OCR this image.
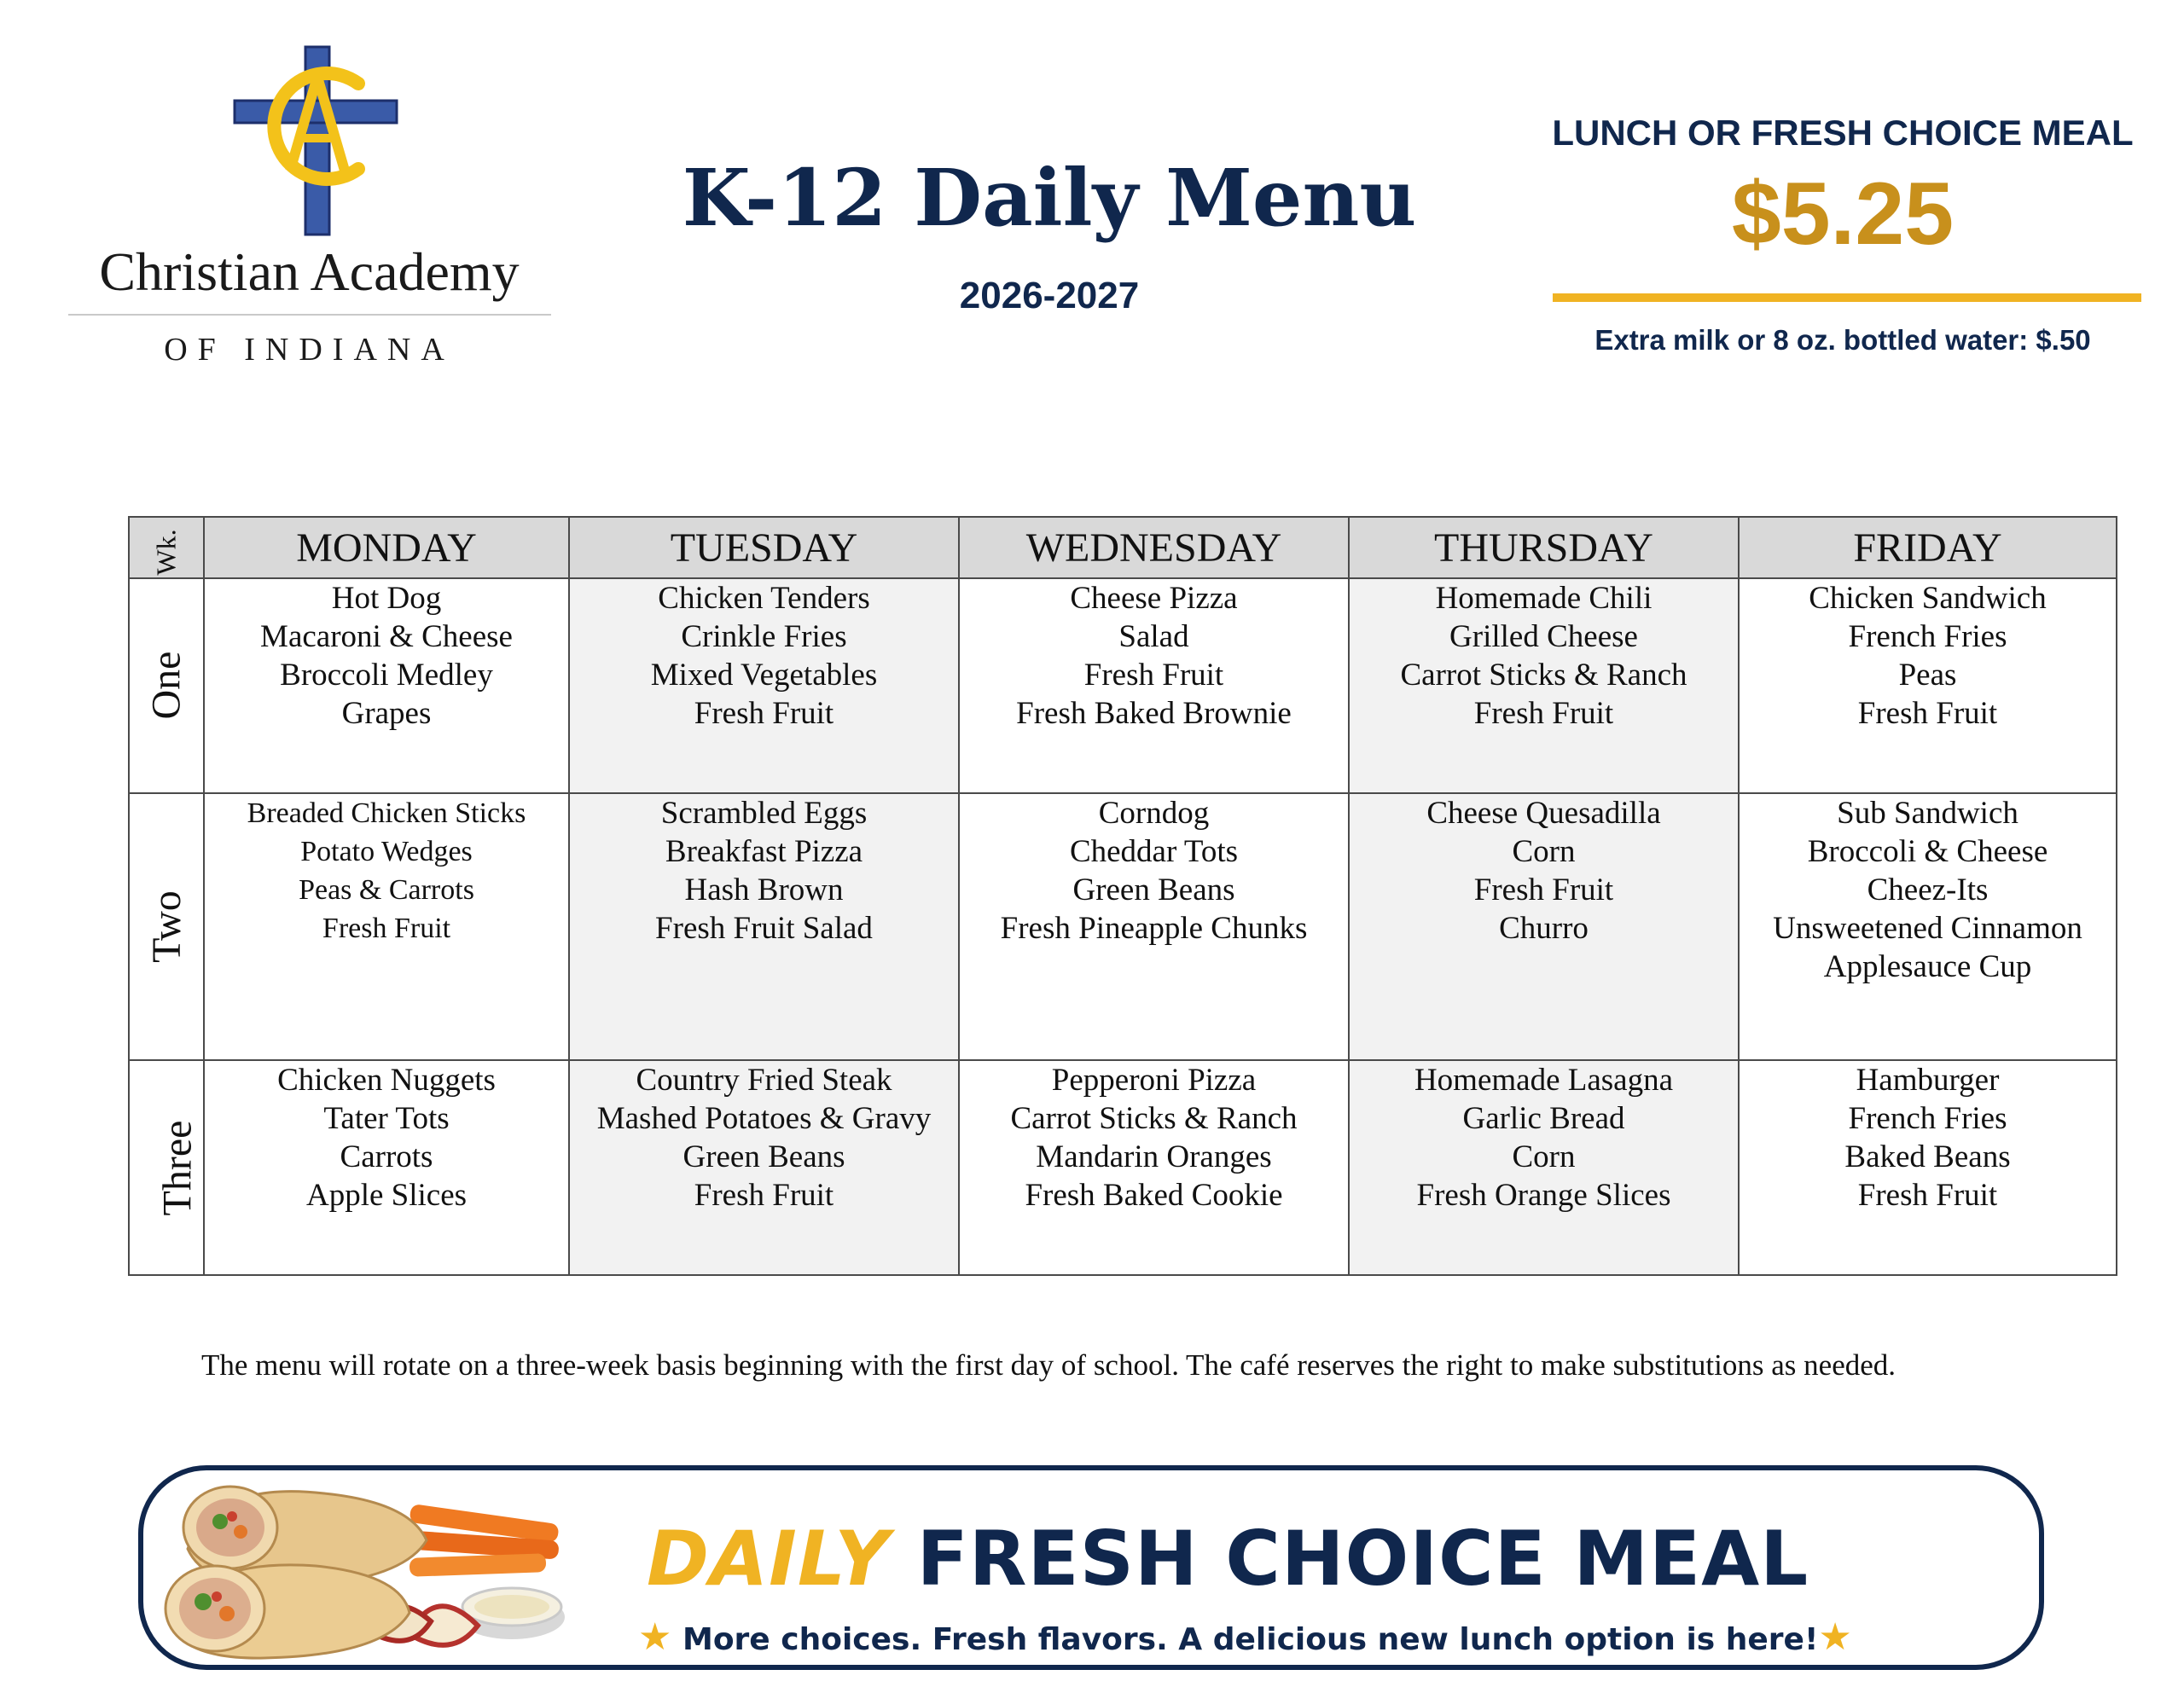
Christian Academy
OF INDIANA
K-12 Daily Menu
2026-2027
LUNCH OR FRESH CHOICE MEAL
$5.25
Extra milk or 8 oz. bottled water: $.50
Wk.	MONDAY	TUESDAY	WEDNESDAY	THURSDAY	FRIDAY
One	Hot Dog
Macaroni & Cheese
Broccoli Medley
Grapes	Chicken Tenders
Crinkle Fries
Mixed Vegetables
Fresh Fruit	Cheese Pizza
Salad
Fresh Fruit
Fresh Baked Brownie	Homemade Chili
Grilled Cheese
Carrot Sticks & Ranch
Fresh Fruit	Chicken Sandwich
French Fries
Peas
Fresh Fruit

Two	Breaded Chicken Sticks
Potato Wedges
Peas & Carrots
Fresh Fruit	Scrambled Eggs
Breakfast Pizza
Hash Brown
Fresh Fruit Salad	Corndog
Cheddar Tots
Green Beans
Fresh Pineapple Chunks	Cheese Quesadilla
Corn
Fresh Fruit
Churro	Sub Sandwich
Broccoli & Cheese
Cheez-Its
Unsweetened Cinnamon
Applesauce Cup

Three	Chicken Nuggets
Tater Tots
Carrots
Apple Slices	Country Fried Steak
Mashed Potatoes & Gravy
Green Beans
Fresh Fruit	Pepperoni Pizza
Carrot Sticks & Ranch
Mandarin Oranges
Fresh Baked Cookie	Homemade Lasagna
Garlic Bread
Corn
Fresh Orange Slices	Hamburger
French Fries
Baked Beans
Fresh Fruit
The menu will rotate on a three-week basis beginning with the first day of school. The café reserves the right to make substitutions as needed.
DAILY FRESH CHOICE MEAL
★ More choices. Fresh flavors. A delicious new lunch option is here!★
